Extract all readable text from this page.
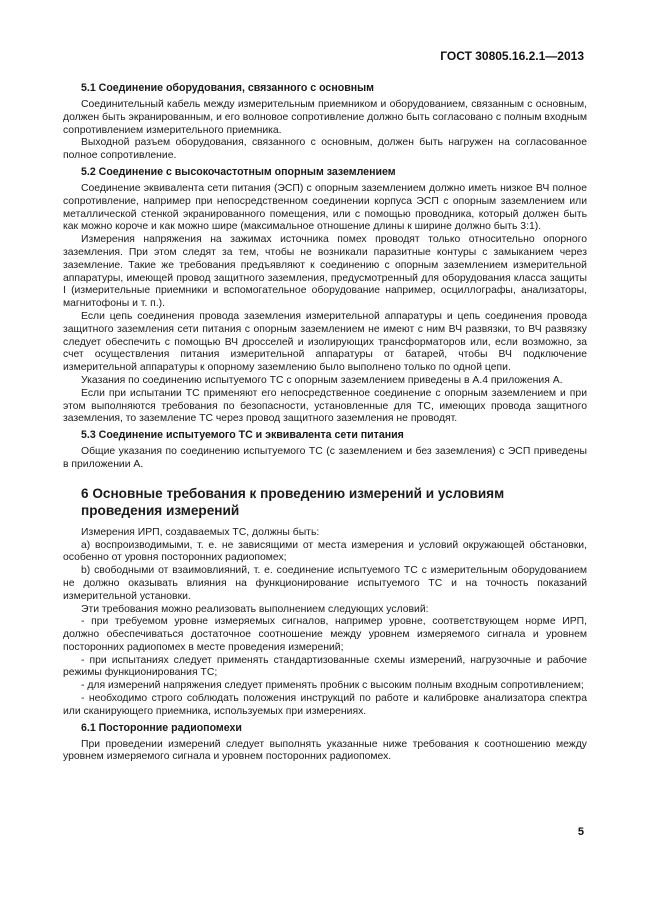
ГОСТ 30805.16.2.1—2013
5.1 Соединение оборудования, связанного с основным

Соединительный кабель между измерительным приемником и оборудованием, связанным с основным, должен быть экранированным, и его волновое сопротивление должно быть согласовано с полным входным сопротивлением измерительного приемника.

Выходной разъем оборудования, связанного с основным, должен быть нагружен на согласованное полное сопротивление.

5.2 Соединение с высокочастотным опорным заземлением

Соединение эквивалента сети питания (ЭСП) с опорным заземлением должно иметь низкое ВЧ полное сопротивление, например при непосредственном соединении корпуса ЭСП с опорным заземлением или металлической стенкой экранированного помещения, или с помощью проводника, который должен быть как можно короче и как можно шире (максимальное отношение длины к ширине должно быть 3:1).

Измерения напряжения на зажимах источника помех проводят только относительно опорного заземления. При этом следят за тем, чтобы не возникали паразитные контуры с замыканием через заземление. Такие же требования предъявляют к соединению с опорным заземлением измерительной аппаратуры, имеющей провод защитного заземления, предусмотренный для оборудования класса защиты I (измерительные приемники и вспомогательное оборудование например, осциллографы, анализаторы, магнитофоны и т. п.).

Если цепь соединения провода заземления измерительной аппаратуры и цепь соединения провода защитного заземления сети питания с опорным заземлением не имеют с ним ВЧ развязки, то ВЧ развязку следует обеспечить с помощью ВЧ дросселей и изолирующих трансформаторов или, если возможно, за счет осуществления питания измерительной аппаратуры от батарей, чтобы ВЧ подключение измерительной аппаратуры к опорному заземлению было выполнено только по одной цепи.

Указания по соединению испытуемого ТС с опорным заземлением приведены в А.4 приложения А.

Если при испытании ТС применяют его непосредственное соединение с опорным заземлением и при этом выполняются требования по безопасности, установленные для ТС, имеющих провода защитного заземления, то заземление ТС через провод защитного заземления не проводят.

5.3 Соединение испытуемого ТС и эквивалента сети питания

Общие указания по соединению испытуемого ТС (с заземлением и без заземления) с ЭСП приведены в приложении А.

6 Основные требования к проведению измерений и условиям проведения измерений

Измерения ИРП, создаваемых ТС, должны быть:

а) воспроизводимыми, т. е. не зависящими от места измерения и условий окружающей обстановки, особенно от уровня посторонних радиопомех;

b) свободными от взаимовлияний, т. е. соединение испытуемого ТС с измерительным оборудованием не должно оказывать влияния на функционирование испытуемого ТС и на точность показаний измерительной установки.

Эти требования можно реализовать выполнением следующих условий:

- при требуемом уровне измеряемых сигналов, например уровне, соответствующем норме ИРП, должно обеспечиваться достаточное соотношение между уровнем измеряемого сигнала и уровнем посторонних радиопомех в месте проведения измерений;

- при испытаниях следует применять стандартизованные схемы измерений, нагрузочные и рабочие режимы функционирования ТС;

- для измерений напряжения следует применять пробник с высоким полным входным сопротивлением;

- необходимо строго соблюдать положения инструкций по работе и калибровке анализатора спектра или сканирующего приемника, используемых при измерениях.

6.1 Посторонние радиопомехи

При проведении измерений следует выполнять указанные ниже требования к соотношению между уровнем измеряемого сигнала и уровнем посторонних радиопомех.

5
